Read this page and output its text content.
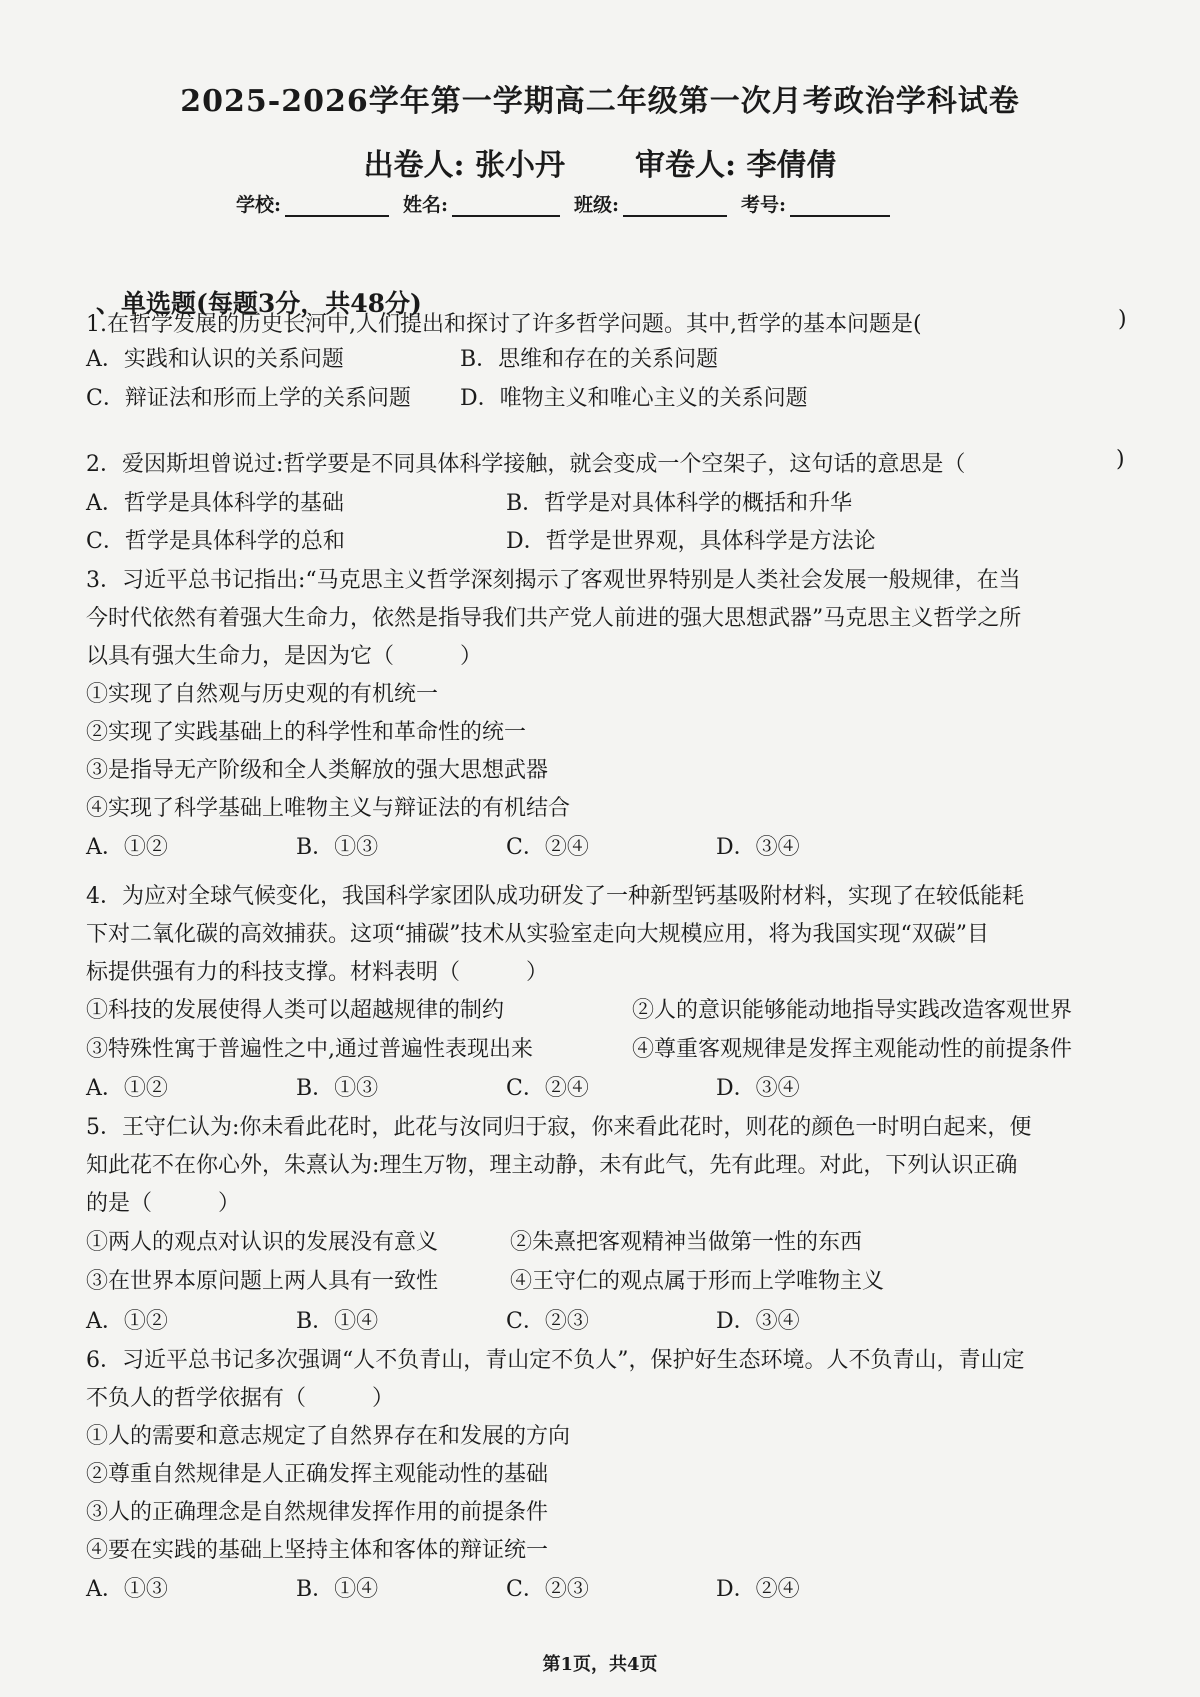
2025-2026学年第一学期高二年级第一次月考政治学科试卷
出卷人: 张小丹 审卷人: 李倩倩
学校:	姓名:	班级:	考号:
、单选题(每题3分，共48分)
1.在哲学发展的历史长河中,人们提出和探讨了许多哲学问题。其中,哲学的基本问题是(	)
A．实践和认识的关系问题	B．思维和存在的关系问题
C．辩证法和形而上学的关系问题 D．唯物主义和唯心主义的关系问题
2．爱因斯坦曾说过:哲学要是不同具体科学接触，就会变成一个空架子，这句话的意思是（	)
A．哲学是具体科学的基础	B．哲学是对具体科学的概括和升华
C．哲学是具体科学的总和	D．哲学是世界观，具体科学是方法论
3．习近平总书记指出:“马克思主义哲学深刻揭示了客观世界特别是人类社会发展一般规律，在当
今时代依然有着强大生命力，依然是指导我们共产党人前进的强大思想武器”马克思主义哲学之所
以具有强大生命力，是因为它（　　　）
①实现了自然观与历史观的有机统一
②实现了实践基础上的科学性和革命性的统一
③是指导无产阶级和全人类解放的强大思想武器
④实现了科学基础上唯物主义与辩证法的有机结合
A．①②	B．①③	C．②④	D．③④
4．为应对全球气候变化，我国科学家团队成功研发了一种新型钙基吸附材料，实现了在较低能耗
下对二氧化碳的高效捕获。这项“捕碳”技术从实验室走向大规模应用，将为我国实现“双碳”目
标提供强有力的科技支撑。材料表明（　　　）
①科技的发展使得人类可以超越规律的制约	②人的意识能够能动地指导实践改造客观世界
③特殊性寓于普遍性之中,通过普遍性表现出来	④尊重客观规律是发挥主观能动性的前提条件
A．①②	B．①③	C．②④	D．③④
5．王守仁认为:你未看此花时，此花与汝同归于寂，你来看此花时，则花的颜色一时明白起来，便
知此花不在你心外，朱熹认为:理生万物，理主动静，未有此气，先有此理。对此，下列认识正确
的是（　　　）
①两人的观点对认识的发展没有意义	②朱熹把客观精神当做第一性的东西
③在世界本原问题上两人具有一致性	④王守仁的观点属于形而上学唯物主义
A．①②	B．①④	C．②③	D．③④
6．习近平总书记多次强调“人不负青山，青山定不负人”，保护好生态环境。人不负青山，青山定
不负人的哲学依据有（　　　）
①人的需要和意志规定了自然界存在和发展的方向
②尊重自然规律是人正确发挥主观能动性的基础
③人的正确理念是自然规律发挥作用的前提条件
④要在实践的基础上坚持主体和客体的辩证统一
A．①③	B．①④	C．②③	D．②④
第1页，共4页
